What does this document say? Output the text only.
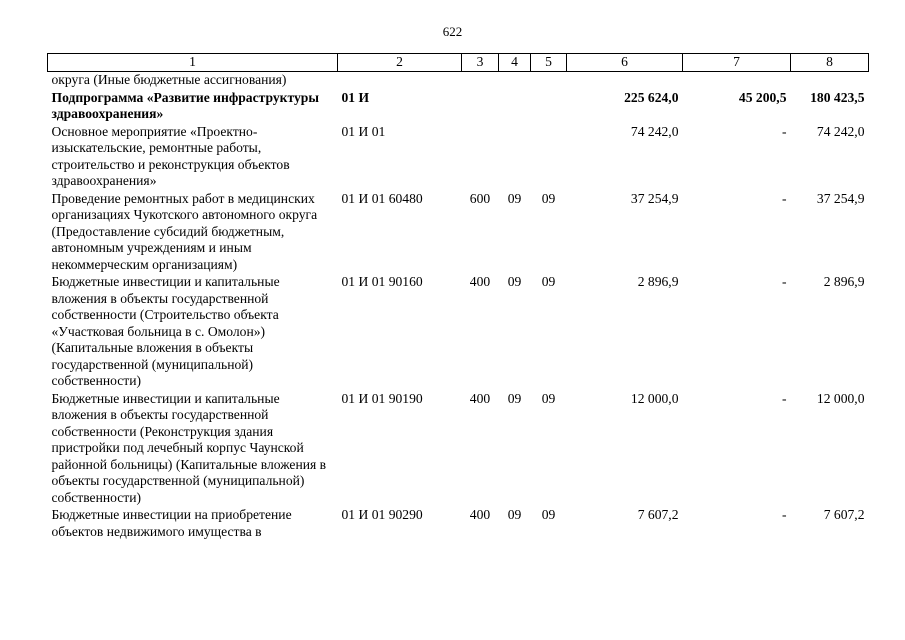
622
1	2	3	4	5	6	7	8
округа (Иные бюджетные ассигнования)							
Подпрограмма «Развитие инфраструктуры здравоохранения»	01 И				225 624,0	45 200,5	180 423,5
Основное мероприятие «Проектно-изыскательские, ремонтные работы, строительство и реконструкция объектов здравоохранения»	01 И 01				74 242,0	-	74 242,0
Проведение ремонтных работ в медицинских организациях Чукотского автономного округа (Предоставление субсидий бюджетным, автономным учреждениям и иным некоммерческим организациям)	01 И 01 60480	600	09	09	37 254,9	-	37 254,9
Бюджетные инвестиции и капитальные вложения в объекты государственной собственности (Строительство объекта «Участковая больница в с. Омолон») (Капитальные вложения в объекты государственной (муниципальной) собственности)	01 И 01 90160	400	09	09	2 896,9	-	2 896,9
Бюджетные инвестиции и капитальные вложения в объекты государственной собственности (Реконструкция здания пристройки под лечебный корпус Чаунской районной больницы) (Капитальные вложения в объекты государственной (муниципальной) собственности)	01 И 01 90190	400	09	09	12 000,0	-	12 000,0
Бюджетные инвестиции на приобретение объектов недвижимого имущества в	01 И 01 90290	400	09	09	7 607,2	-	7 607,2
